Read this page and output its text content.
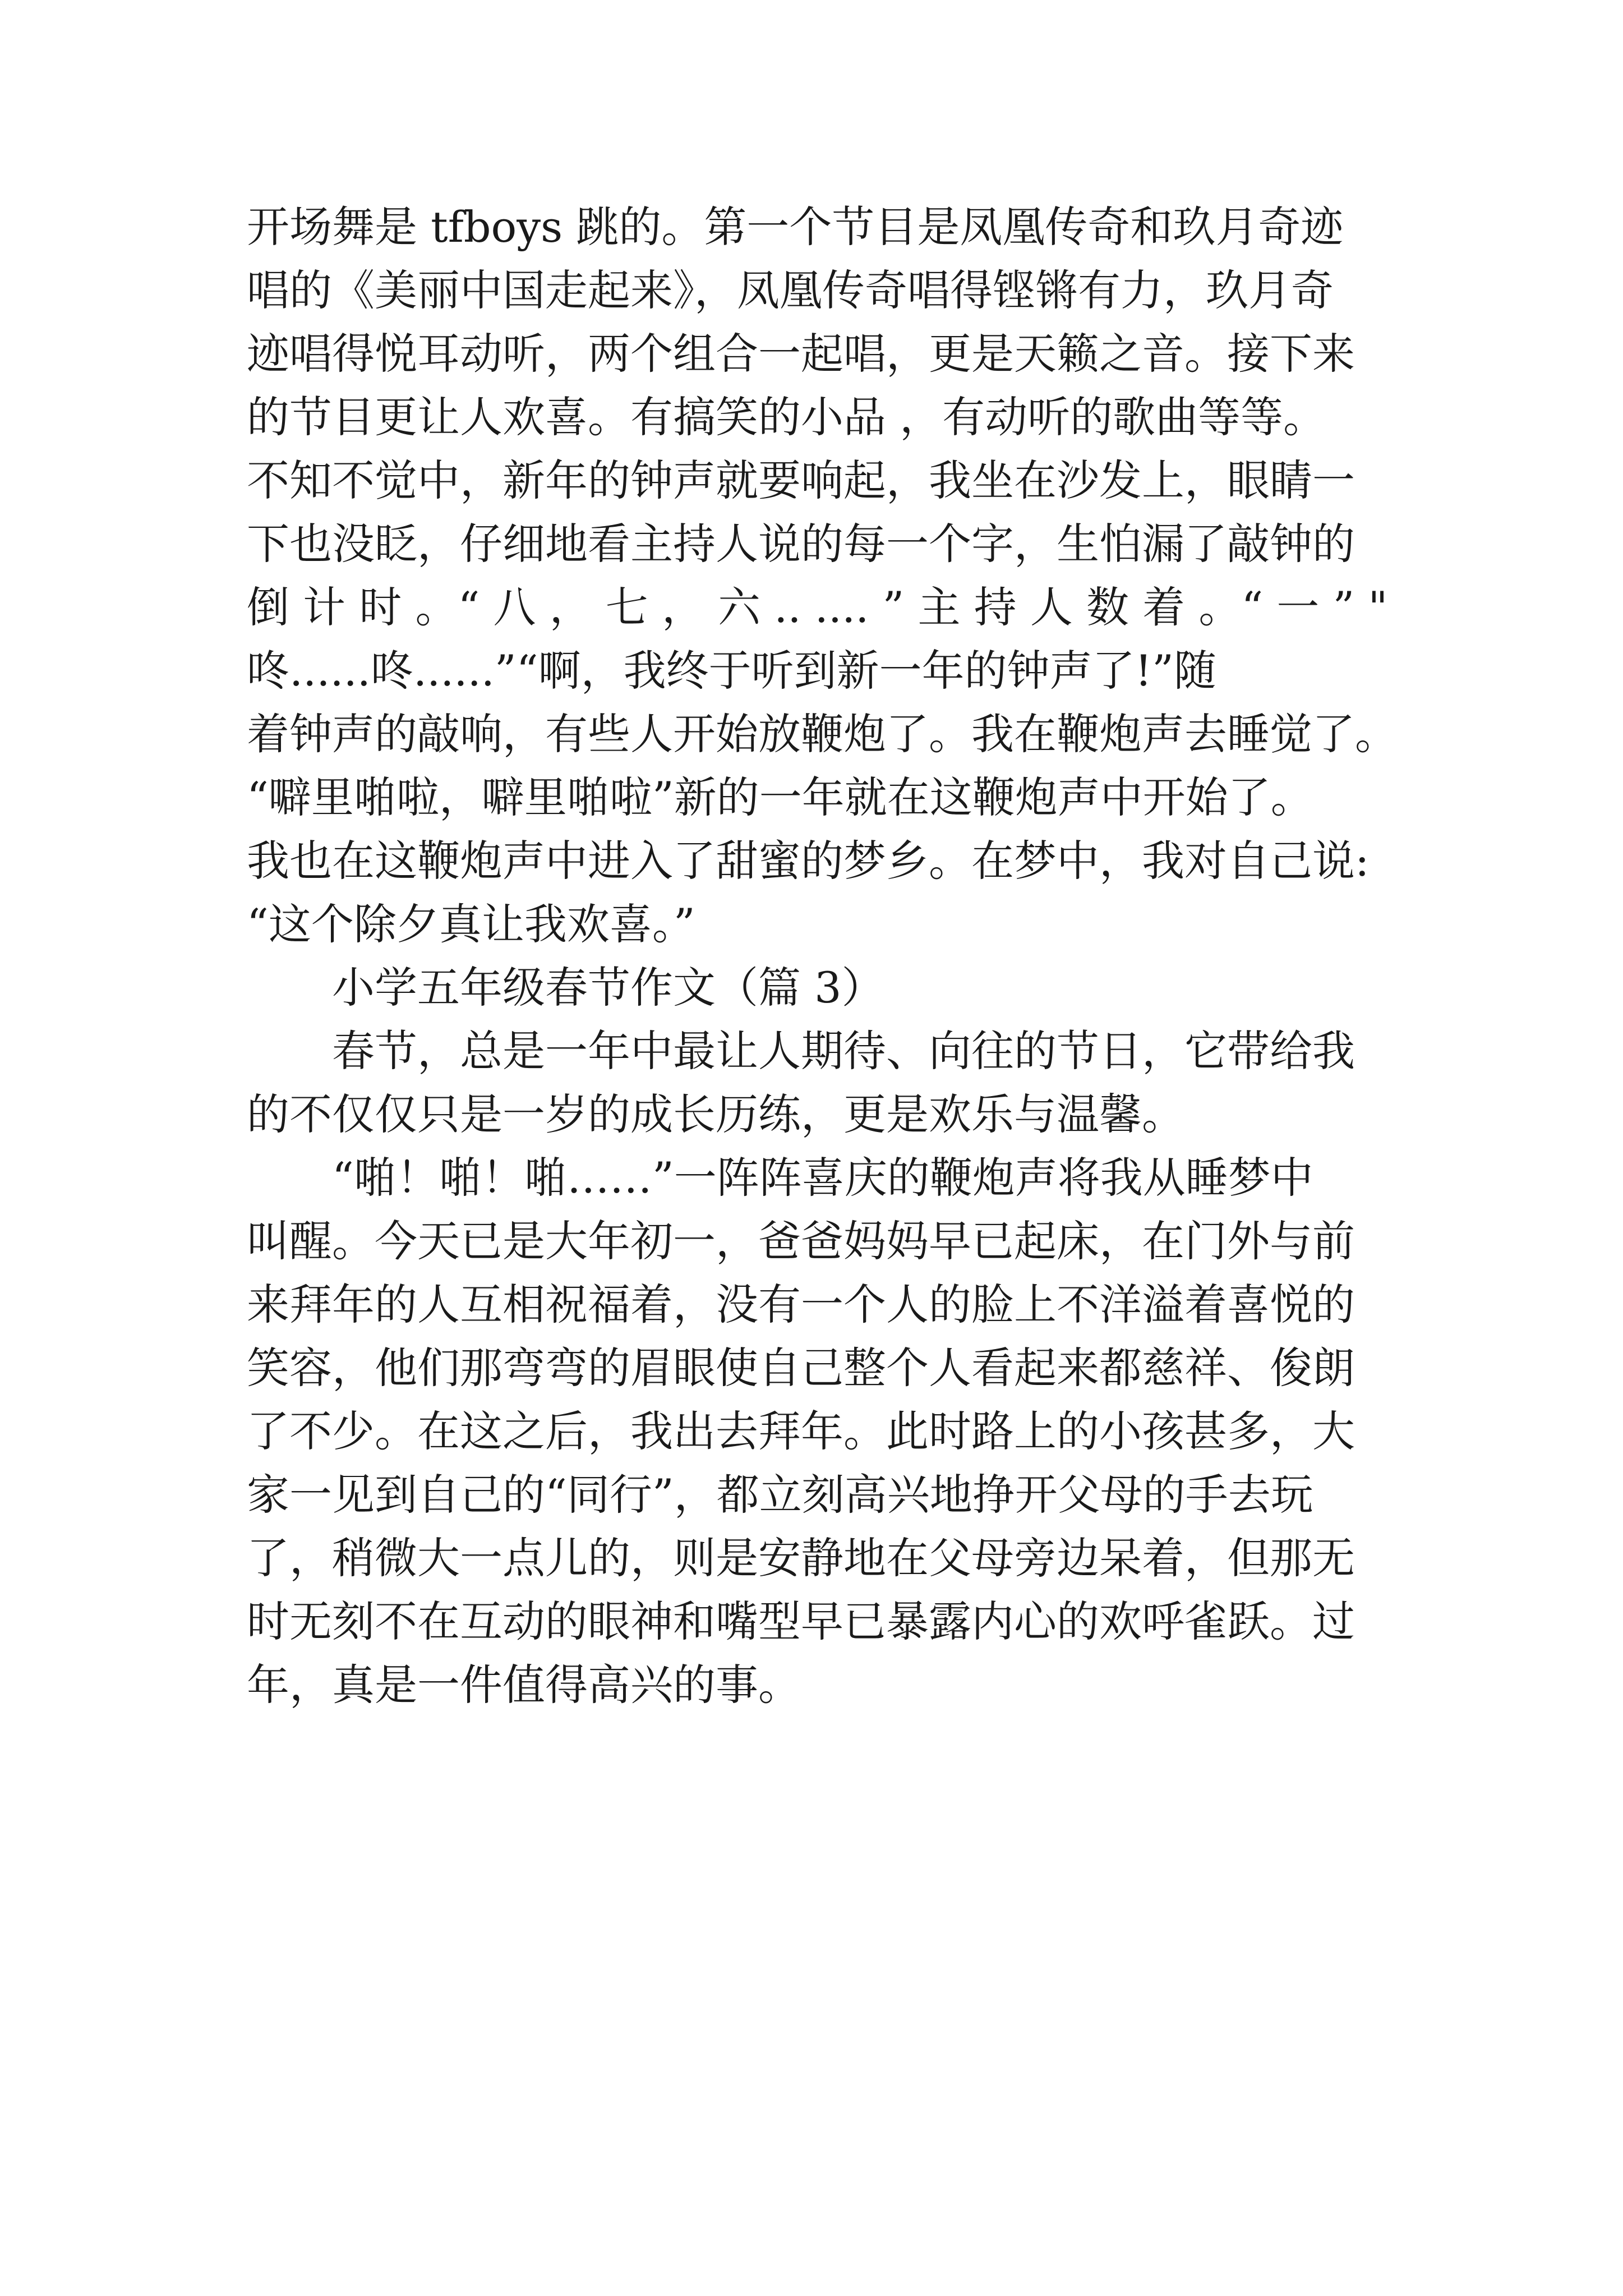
开场舞是 tfboys 跳的。第一个节目是凤凰传奇和玖月奇迹
唱的《美丽中国走起来》，凤凰传奇唱得铿锵有力，玖月奇
迹唱得悦耳动听，两个组合一起唱，更是天籁之音。接下来
的节目更让人欢喜。有搞笑的小品 ，有动听的歌曲等等。
不知不觉中，新年的钟声就要响起，我坐在沙发上，眼睛一
下也没眨，仔细地看主持人说的每一个字，生怕漏了敲钟的
倒 计 时 。“ 八 ， 七 ， 六 .. .... ” 主 持 人 数 着 。“ 一 ” "
咚......咚......”“啊，我终于听到新一年的钟声了!”随
着钟声的敲响，有些人开始放鞭炮了。我在鞭炮声去睡觉了。
“噼里啪啦，噼里啪啦”新的一年就在这鞭炮声中开始了。
我也在这鞭炮声中进入了甜蜜的梦乡。在梦中，我对自己说:
“这个除夕真让我欢喜。”
小学五年级春节作文（篇 3）
春节，总是一年中最让人期待、向往的节日，它带给我
的不仅仅只是一岁的成长历练，更是欢乐与温馨。
“啪！啪！啪……”一阵阵喜庆的鞭炮声将我从睡梦中
叫醒。今天已是大年初一，爸爸妈妈早已起床，在门外与前
来拜年的人互相祝福着，没有一个人的脸上不洋溢着喜悦的
笑容，他们那弯弯的眉眼使自己整个人看起来都慈祥、俊朗
了不少。在这之后，我出去拜年。此时路上的小孩甚多，大
家一见到自己的“同行”，都立刻高兴地挣开父母的手去玩
了，稍微大一点儿的，则是安静地在父母旁边呆着，但那无
时无刻不在互动的眼神和嘴型早已暴露内心的欢呼雀跃。过
年，真是一件值得高兴的事。
